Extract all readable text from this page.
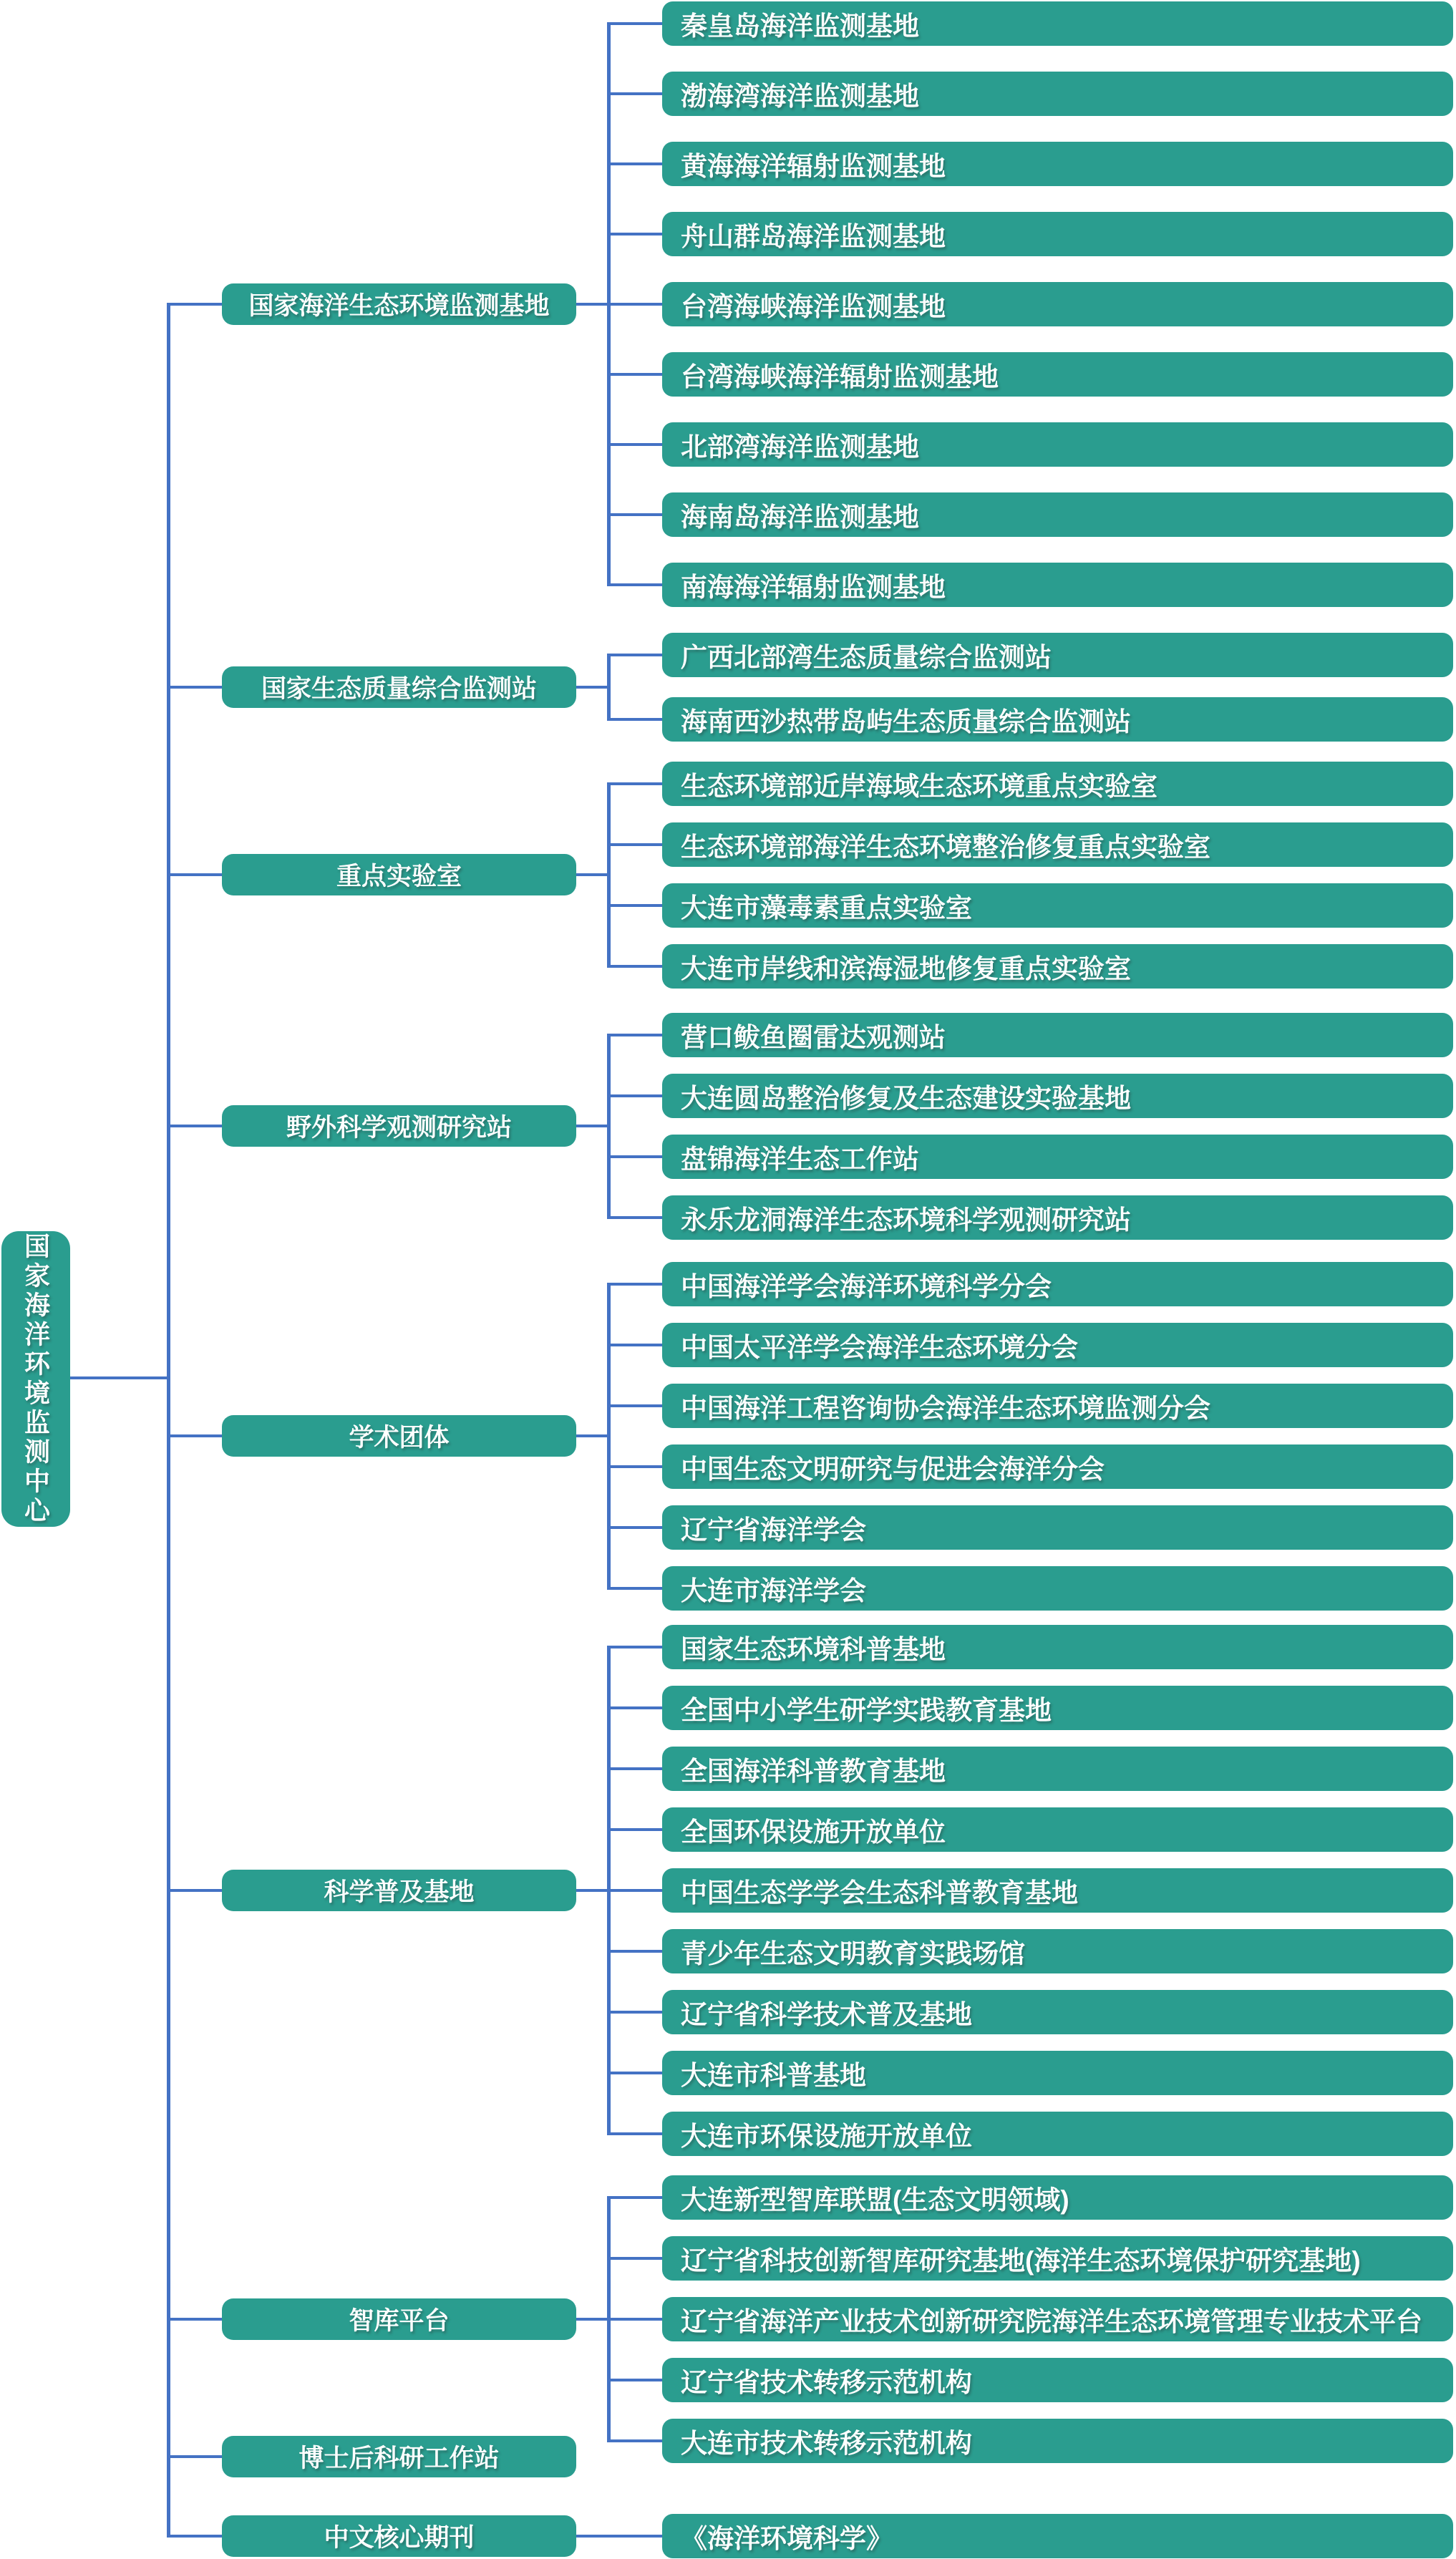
国家海洋环境监测中心
国家海洋生态环境监测基地
秦皇岛海洋监测基地
渤海湾海洋监测基地
黄海海洋辐射监测基地
舟山群岛海洋监测基地
台湾海峡海洋监测基地
台湾海峡海洋辐射监测基地
北部湾海洋监测基地
海南岛海洋监测基地
南海海洋辐射监测基地
国家生态质量综合监测站
广西北部湾生态质量综合监测站
海南西沙热带岛屿生态质量综合监测站
重点实验室
生态环境部近岸海域生态环境重点实验室
生态环境部海洋生态环境整治修复重点实验室
大连市藻毒素重点实验室
大连市岸线和滨海湿地修复重点实验室
野外科学观测研究站
营口鲅鱼圈雷达观测站
大连圆岛整治修复及生态建设实验基地
盘锦海洋生态工作站
永乐龙洞海洋生态环境科学观测研究站
学术团体
中国海洋学会海洋环境科学分会
中国太平洋学会海洋生态环境分会
中国海洋工程咨询协会海洋生态环境监测分会
中国生态文明研究与促进会海洋分会
辽宁省海洋学会
大连市海洋学会
科学普及基地
国家生态环境科普基地
全国中小学生研学实践教育基地
全国海洋科普教育基地
全国环保设施开放单位
中国生态学学会生态科普教育基地
青少年生态文明教育实践场馆
辽宁省科学技术普及基地
大连市科普基地
大连市环保设施开放单位
智库平台
大连新型智库联盟(生态文明领域)
辽宁省科技创新智库研究基地(海洋生态环境保护研究基地)
辽宁省海洋产业技术创新研究院海洋生态环境管理专业技术平台
辽宁省技术转移示范机构
大连市技术转移示范机构
博士后科研工作站
中文核心期刊	《海洋环境科学》
